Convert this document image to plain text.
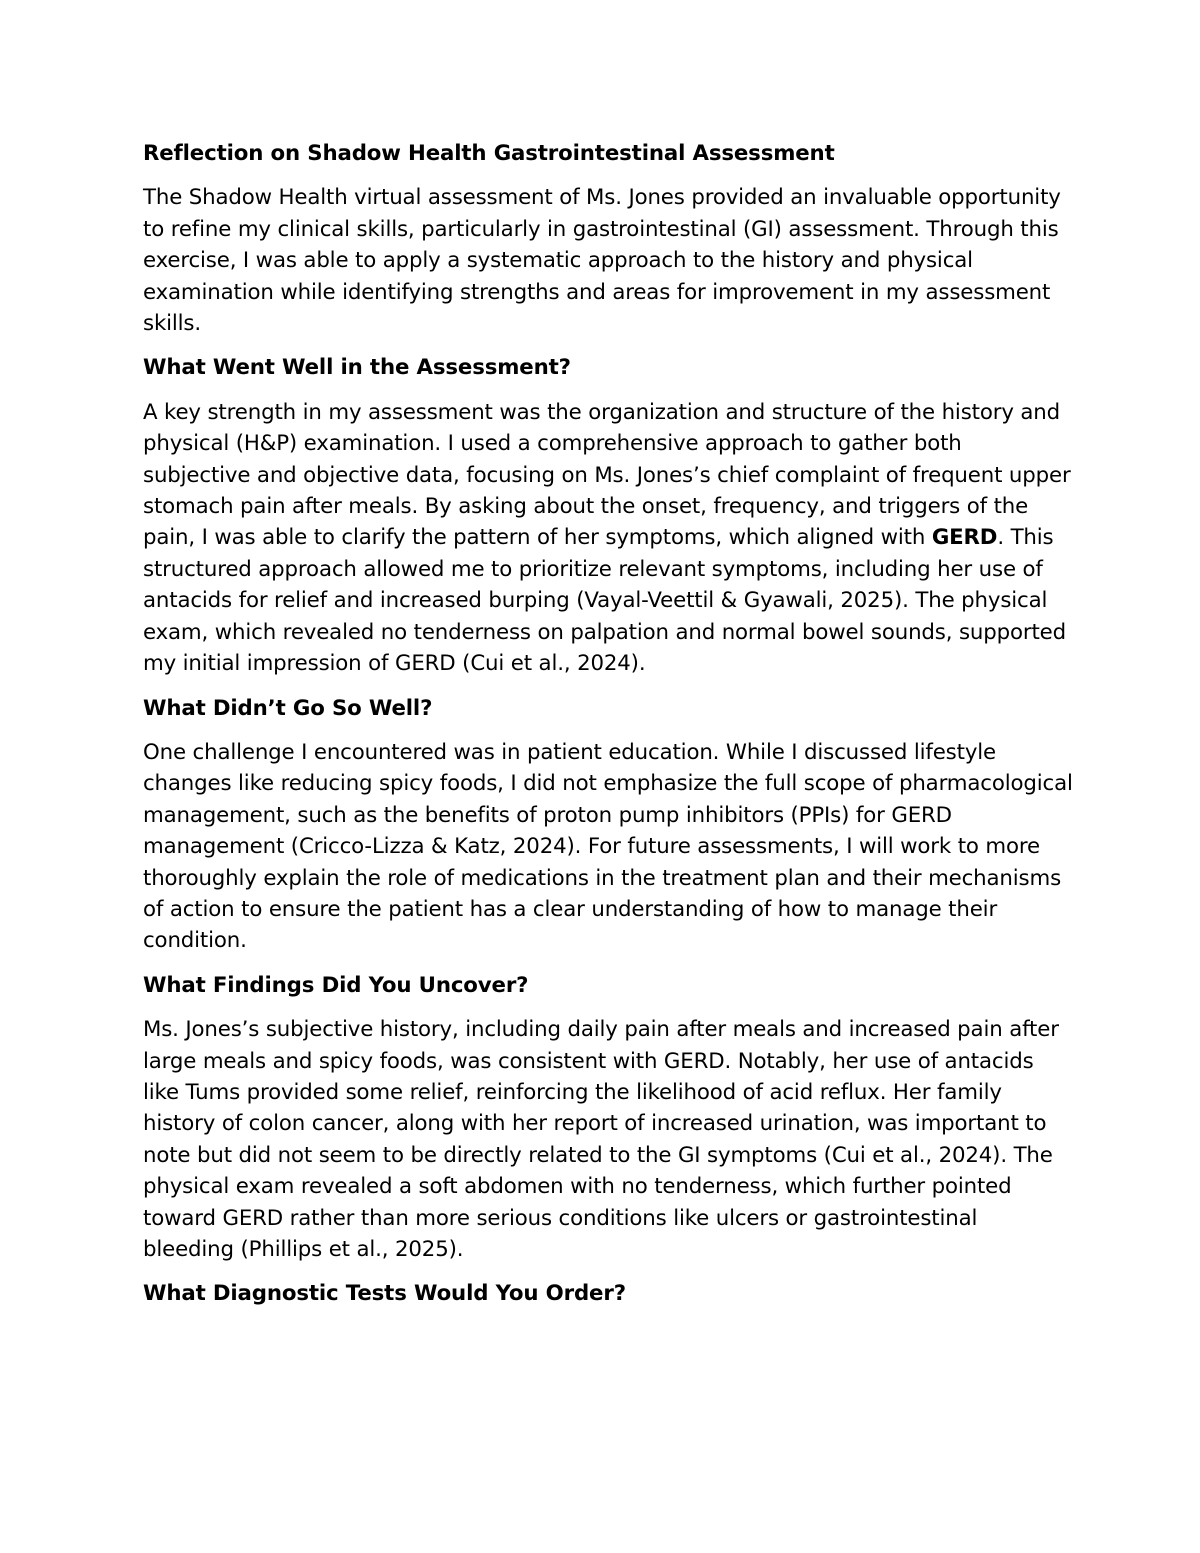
Reflection on Shadow Health Gastrointestinal Assessment
The Shadow Health virtual assessment of Ms. Jones provided an invaluable opportunity to refine my clinical skills, particularly in gastrointestinal (GI) assessment. Through this exercise, I was able to apply a systematic approach to the history and physical examination while identifying strengths and areas for improvement in my assessment skills.
What Went Well in the Assessment?
A key strength in my assessment was the organization and structure of the history and physical (H&P) examination. I used a comprehensive approach to gather both subjective and objective data, focusing on Ms. Jones’s chief complaint of frequent upper stomach pain after meals. By asking about the onset, frequency, and triggers of the pain, I was able to clarify the pattern of her symptoms, which aligned with GERD. This structured approach allowed me to prioritize relevant symptoms, including her use of antacids for relief and increased burping (Vayal-Veettil & Gyawali, 2025). The physical exam, which revealed no tenderness on palpation and normal bowel sounds, supported my initial impression of GERD (Cui et al., 2024).
What Didn’t Go So Well?
One challenge I encountered was in patient education. While I discussed lifestyle changes like reducing spicy foods, I did not emphasize the full scope of pharmacological management, such as the benefits of proton pump inhibitors (PPIs) for GERD management (Cricco-Lizza & Katz, 2024). For future assessments, I will work to more thoroughly explain the role of medications in the treatment plan and their mechanisms of action to ensure the patient has a clear understanding of how to manage their condition.
What Findings Did You Uncover?
Ms. Jones’s subjective history, including daily pain after meals and increased pain after large meals and spicy foods, was consistent with GERD. Notably, her use of antacids like Tums provided some relief, reinforcing the likelihood of acid reflux. Her family history of colon cancer, along with her report of increased urination, was important to note but did not seem to be directly related to the GI symptoms (Cui et al., 2024). The physical exam revealed a soft abdomen with no tenderness, which further pointed toward GERD rather than more serious conditions like ulcers or gastrointestinal bleeding (Phillips et al., 2025).
What Diagnostic Tests Would You Order?
